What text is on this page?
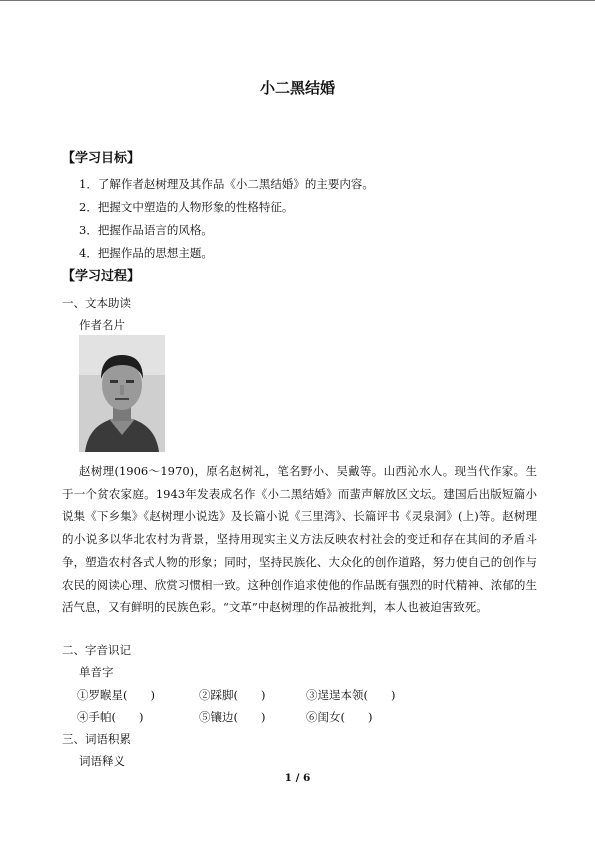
小二黑结婚
【学习目标】
1．了解作者赵树理及其作品《小二黑结婚》的主要内容。
2．把握文中塑造的人物形象的性格特征。
3．把握作品语言的风格。
4．把握作品的思想主题。
【学习过程】
一、文本助读
作者名片
赵树理(1906～1970)，原名赵树礼，笔名野小、吴戴等。山西沁水人。现当代作家。生于一个贫农家庭。1943年发表成名作《小二黑结婚》而蜚声解放区文坛。建国后出版短篇小说集《下乡集》《赵树理小说选》及长篇小说《三里湾》、长篇评书《灵泉洞》(上)等。赵树理的小说多以华北农村为背景，坚持用现实主义方法反映农村社会的变迁和存在其间的矛盾斗争，塑造农村各式人物的形象；同时，坚持民族化、大众化的创作道路，努力使自己的创作与农民的阅读心理、欣赏习惯相一致。这种创作追求使他的作品既有强烈的时代精神、浓郁的生活气息，又有鲜明的民族色彩。“文革”中赵树理的作品被批判，本人也被迫害致死。
二、字音识记
单音字
①罗睺星(　　)	②踩脚(　　)	③逞逞本领(　　)
④手帕(　　)	⑤镶边(　　)	⑥闺女(　　)
三、词语积累
词语释义
1 / 6
